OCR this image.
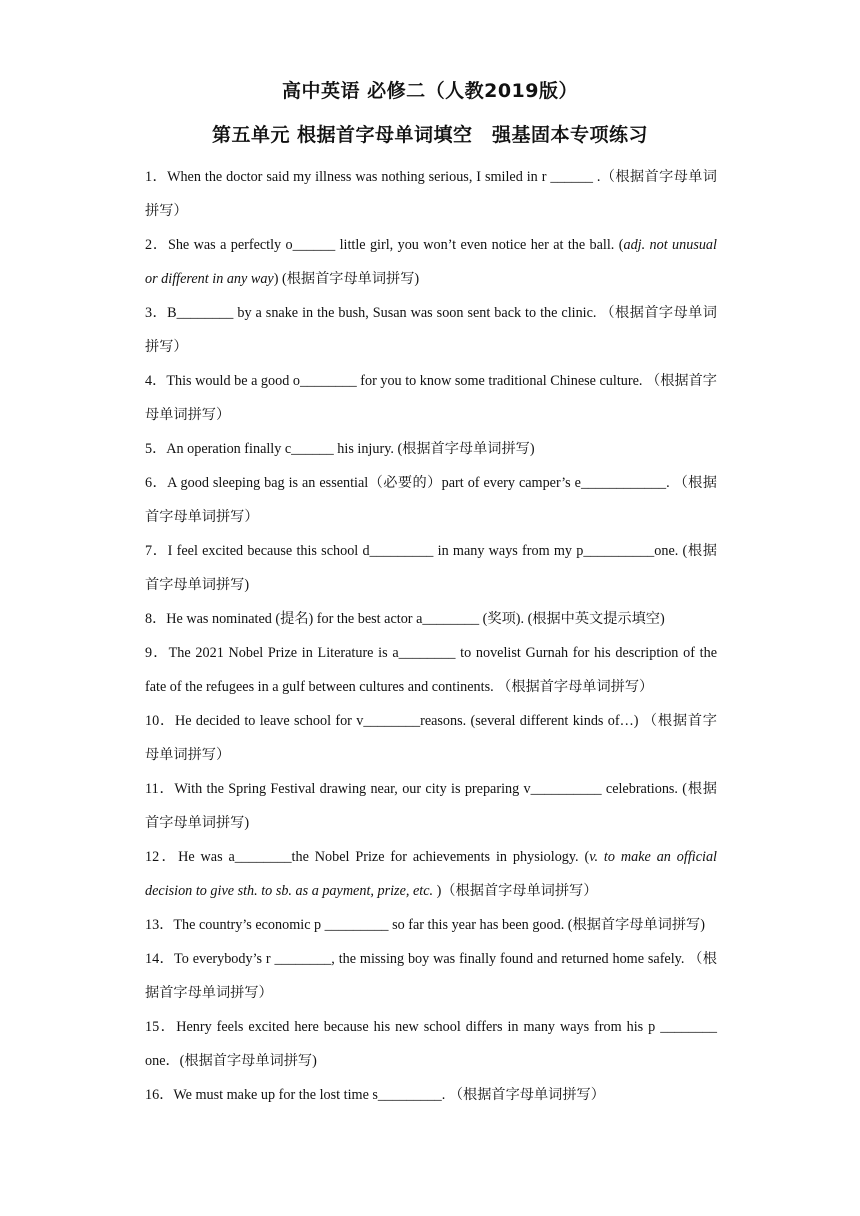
高中英语 必修二（人教2019版）
第五单元 根据首字母单词填空　强基固本专项练习

1．When the doctor said my illness was nothing serious, I smiled in r ______ .（根据首字母单词拼写）

2．She was a perfectly o______ little girl, you won’t even notice her at the ball. (adj. not unusual or different in any way) (根据首字母单词拼写)

3．B________ by a snake in the bush, Susan was soon sent back to the clinic. （根据首字母单词拼写）

4．This would be a good o________ for you to know some traditional Chinese culture. （根据首字母单词拼写）

5．An operation finally c______ his injury. (根据首字母单词拼写)

6．A good sleeping bag is an essential（必要的）part of every camper’s e____________. （根据首字母单词拼写）

7．I feel excited because this school d_________ in many ways from my p__________one. (根据首字母单词拼写)

8．He was nominated (提名) for the best actor a________ (奖项). (根据中英文提示填空)

9．The 2021 Nobel Prize in Literature is a________ to novelist Gurnah for his description of the fate of the refugees in a gulf between cultures and continents. （根据首字母单词拼写）

10．He decided to leave school for v________reasons. (several different kinds of…) （根据首字母单词拼写）

11．With the Spring Festival drawing near, our city is preparing v__________ celebrations. (根据首字母单词拼写)

12．He was a________the Nobel Prize for achievements in physiology. (v. to make an official decision to give sth. to sb. as a payment, prize, etc. )（根据首字母单词拼写）

13．The country’s economic p _________ so far this year has been good. (根据首字母单词拼写)

14．To everybody’s r ________, the missing boy was finally found and returned home safely. （根据首字母单词拼写）

15．Henry feels excited here because his new school differs in many ways from his p ________ one．(根据首字母单词拼写)

16．We must make up for the lost time s_________. （根据首字母单词拼写）
